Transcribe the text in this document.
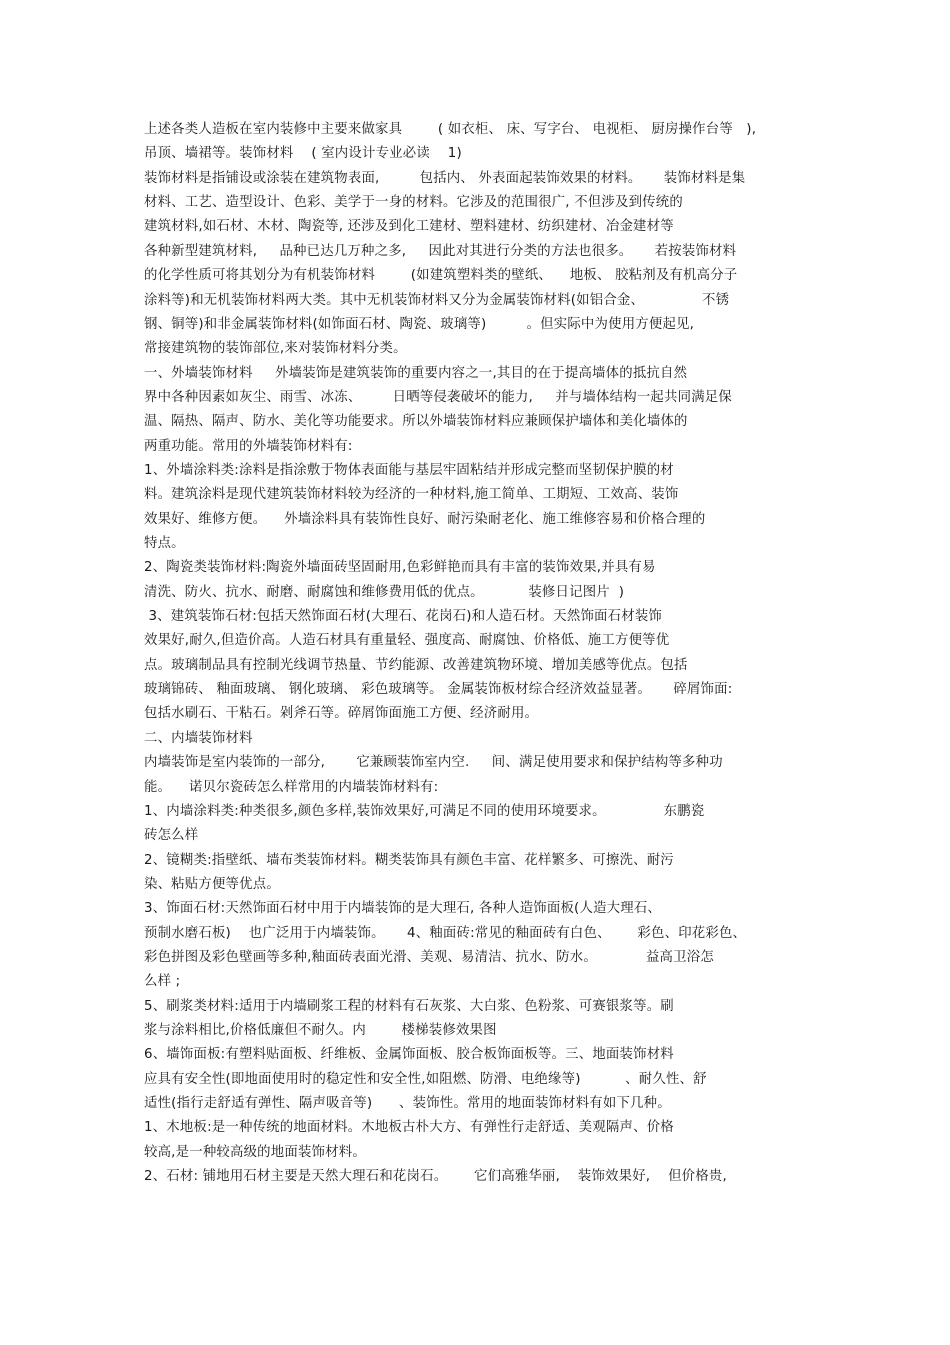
上述各类人造板在室内装修中主要来做家具        ( 如衣柜、 床、写字台、 电视柜、 厨房操作台等   ),
吊顶、墙裙等。装饰材料    ( 室内设计专业必读    1)
装饰材料是指铺设或涂装在建筑物表面,         包括内、 外表面起装饰效果的材料。     装饰材料是集
材料、工艺、造型设计、色彩、美学于一身的材料。它涉及的范围很广, 不但涉及到传统的
建筑材料,如石材、木材、陶瓷等, 还涉及到化工建材、塑料建材、纺织建材、冶金建材等
各种新型建筑材料,     品种已达几万种之多,     因此对其进行分类的方法也很多。     若按装饰材料
的化学性质可将其划分为有机装饰材料        (如建筑塑料类的壁纸、    地板、 胶粘剂及有机高分子
涂料等)和无机装饰材料两大类。其中无机装饰材料又分为金属装饰材料(如铝合金、             不锈
钢、铜等)和非金属装饰材料(如饰面石材、陶瓷、玻璃等)         。但实际中为使用方便起见,
常接建筑物的装饰部位,来对装饰材料分类。
一、外墙装饰材料     外墙装饰是建筑装饰的重要内容之一,其目的在于提高墙体的抵抗自然
界中各种因素如灰尘、雨雪、冰冻、       日晒等侵袭破坏的能力,     并与墙体结构一起共同满足保
温、隔热、隔声、防水、美化等功能要求。所以外墙装饰材料应兼顾保护墙体和美化墙体的
两重功能。常用的外墙装饰材料有:
1、外墙涂料类:涂料是指涂敷于物体表面能与基层牢固粘结并形成完整而坚韧保护膜的材
料。建筑涂料是现代建筑装饰材料较为经济的一种材料,施工简单、工期短、工效高、装饰
效果好、维修方便。    外墙涂料具有装饰性良好、耐污染耐老化、施工维修容易和价格合理的
特点。
2、陶瓷类装饰材料:陶瓷外墙面砖坚固耐用,色彩鲜艳而具有丰富的装饰效果,并具有易
清洗、防火、抗水、耐磨、耐腐蚀和维修费用低的优点。          装修日记图片  )
3、建筑装饰石材:包括天然饰面石材(大理石、花岗石)和人造石材。天然饰面石材装饰
效果好,耐久,但造价高。人造石材具有重量轻、强度高、耐腐蚀、价格低、施工方便等优
点。玻璃制品具有控制光线调节热量、节约能源、改善建筑物环境、增加美感等优点。包括
玻璃锦砖、 釉面玻璃、 钢化玻璃、 彩色玻璃等。 金属装饰板材综合经济效益显著。     碎屑饰面:
包括水刷石、干粘石。剁斧石等。碎屑饰面施工方便、经济耐用。
二、内墙装饰材料
内墙装饰是室内装饰的一部分,       它兼顾装饰室内空.     间、满足使用要求和保护结构等多种功
能。    诺贝尔瓷砖怎么样常用的内墙装饰材料有:
1、内墙涂料类:种类很多,颜色多样,装饰效果好,可满足不同的使用环境要求。             东鹏瓷
砖怎么样
2、镜糊类:指壁纸、墙布类装饰材料。糊类装饰具有颜色丰富、花样繁多、可擦洗、耐污
染、粘贴方便等优点。
3、饰面石材:天然饰面石材中用于内墙装饰的是大理石, 各种人造饰面板(人造大理石、
预制水磨石板)    也广泛用于内墙装饰。     4、釉面砖:常见的釉面砖有白色、      彩色、印花彩色、
彩色拼图及彩色壁画等多种,釉面砖表面光滑、美观、易清洁、抗水、防水。           益高卫浴怎
么样 ;
5、刷浆类材料:适用于内墙刷浆工程的材料有石灰浆、大白浆、色粉浆、可赛银浆等。刷
浆与涂料相比,价格低廉但不耐久。内        楼梯装修效果图
6、墙饰面板:有塑料贴面板、纤维板、金属饰面板、胶合板饰面板等。三、地面装饰材料
应具有安全性(即地面使用时的稳定性和安全性,如阻燃、防滑、电绝缘等)          、耐久性、舒
适性(指行走舒适有弹性、隔声吸音等)      、装饰性。常用的地面装饰材料有如下几种。
1、木地板:是一种传统的地面材料。木地板古朴大方、有弹性行走舒适、美观隔声、价格
较高,是一种较高级的地面装饰材料。
2、石材: 铺地用石材主要是天然大理石和花岗石。      它们高雅华丽,    装饰效果好,    但价格贵,
